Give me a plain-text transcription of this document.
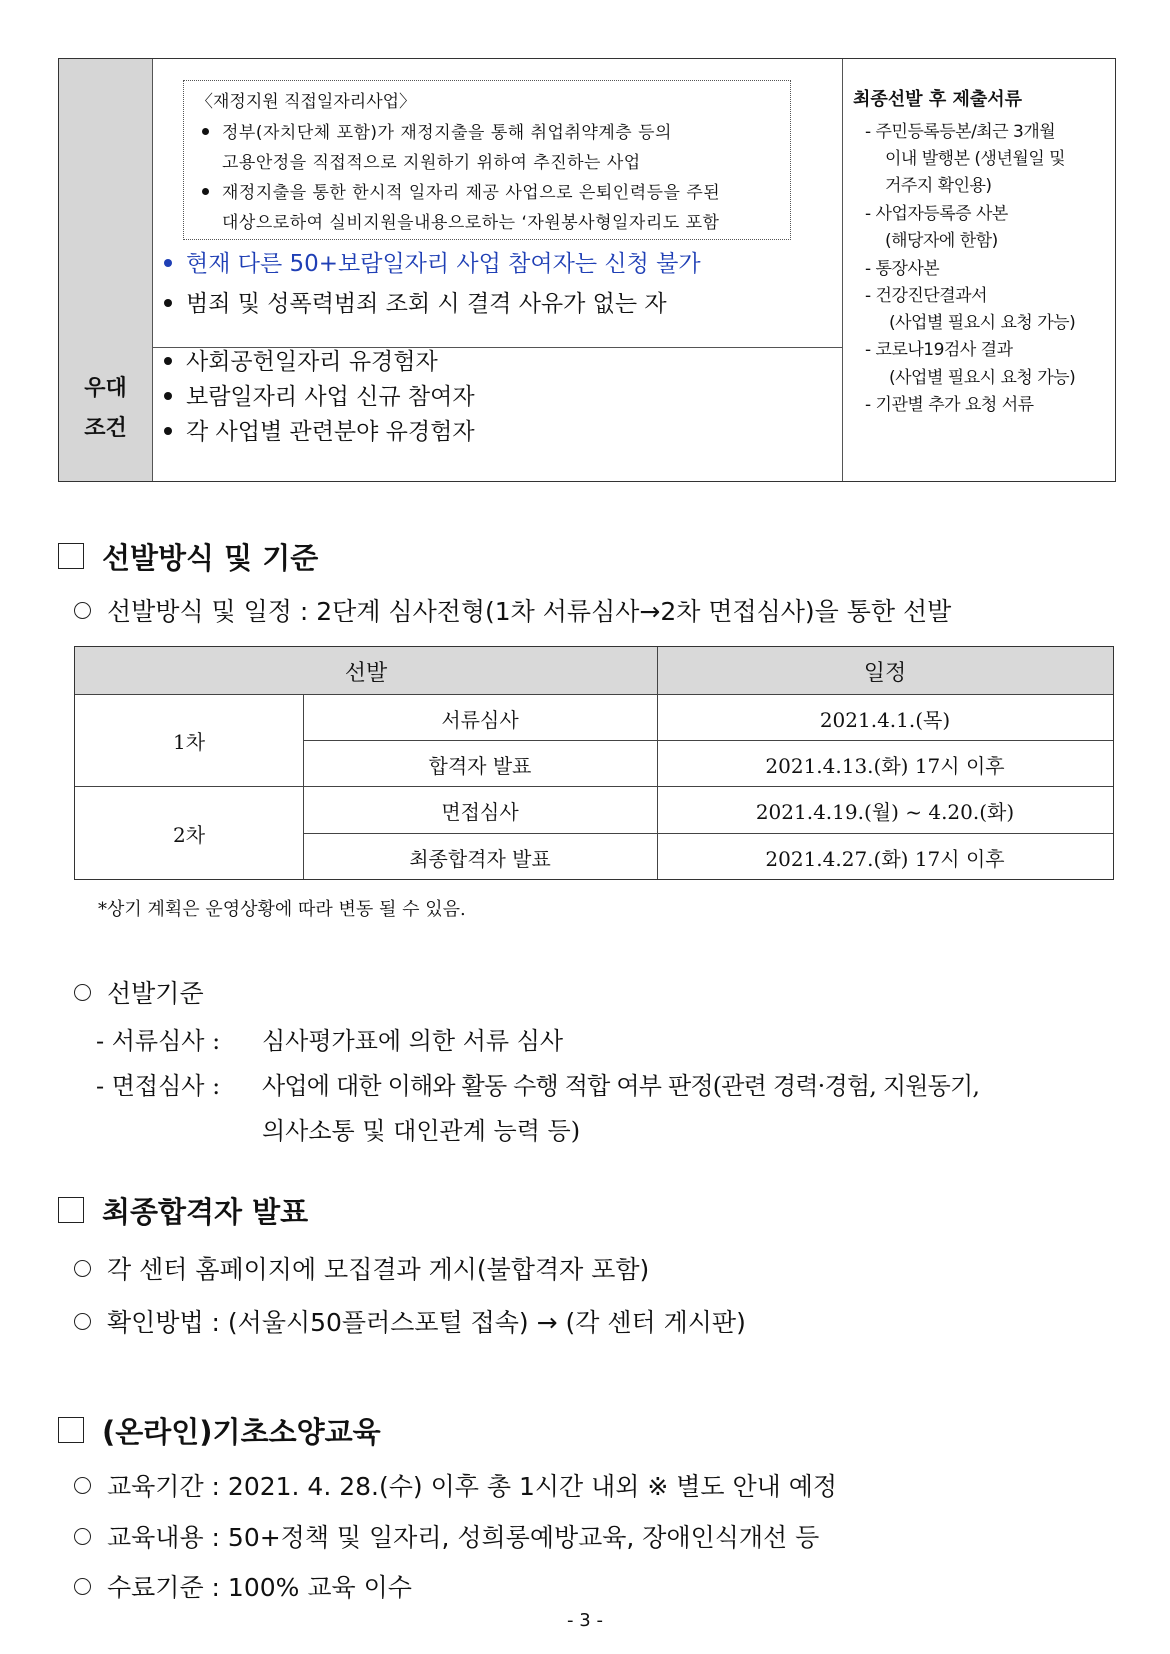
우대
조건
〈재정지원 직접일자리사업〉
정부(자치단체 포함)가 재정지출을 통해 취업취약계층 등의
고용안정을 직접적으로 지원하기 위하여 추진하는 사업
재정지출을 통한 한시적 일자리 제공 사업으로 은퇴인력등을 주된
대상으로하여 실비지원을내용으로하는 ‘자원봉사형일자리도 포함
현재 다른 50+보람일자리 사업 참여자는 신청 불가
범죄 및 성폭력범죄 조회 시 결격 사유가 없는 자
사회공헌일자리 유경험자
보람일자리 사업 신규 참여자
각 사업별 관련분야 유경험자
최종선발 후 제출서류
- 주민등록등본/최근 3개월
이내 발행본 (생년월일 및
거주지 확인용)
- 사업자등록증 사본
(해당자에 한함)
- 통장사본
- 건강진단결과서
(사업별 필요시 요청 가능)
- 코로나19검사 결과
(사업별 필요시 요청 가능)
- 기관별 추가 요청 서류
선발방식 및 기준
선발방식 및 일정 : 2단계 심사전형(1차 서류심사→2차 면접심사)을 통한 선발
선발	일정
1차
2차
서류심사
합격자 발표
면접심사
최종합격자 발표
2021.4.1.(목)
2021.4.13.(화) 17시 이후
2021.4.19.(월) ~ 4.20.(화)
2021.4.27.(화) 17시 이후
*상기 계획은 운영상황에 따라 변동 될 수 있음.
선발기준
- 서류심사 : 심사평가표에 의한 서류 심사
- 면접심사 : 사업에 대한 이해와 활동 수행 적합 여부 판정(관련 경력·경험, 지원동기,
의사소통 및 대인관계 능력 등)
최종합격자 발표
각 센터 홈페이지에 모집결과 게시(불합격자 포함)
확인방법 : (서울시50플러스포털 접속) → (각 센터 게시판)
(온라인)기초소양교육
교육기간 : 2021. 4. 28.(수) 이후 총 1시간 내외 ※ 별도 안내 예정
교육내용 : 50+정책 및 일자리, 성희롱예방교육, 장애인식개선 등
수료기준 : 100% 교육 이수
- 3 -
